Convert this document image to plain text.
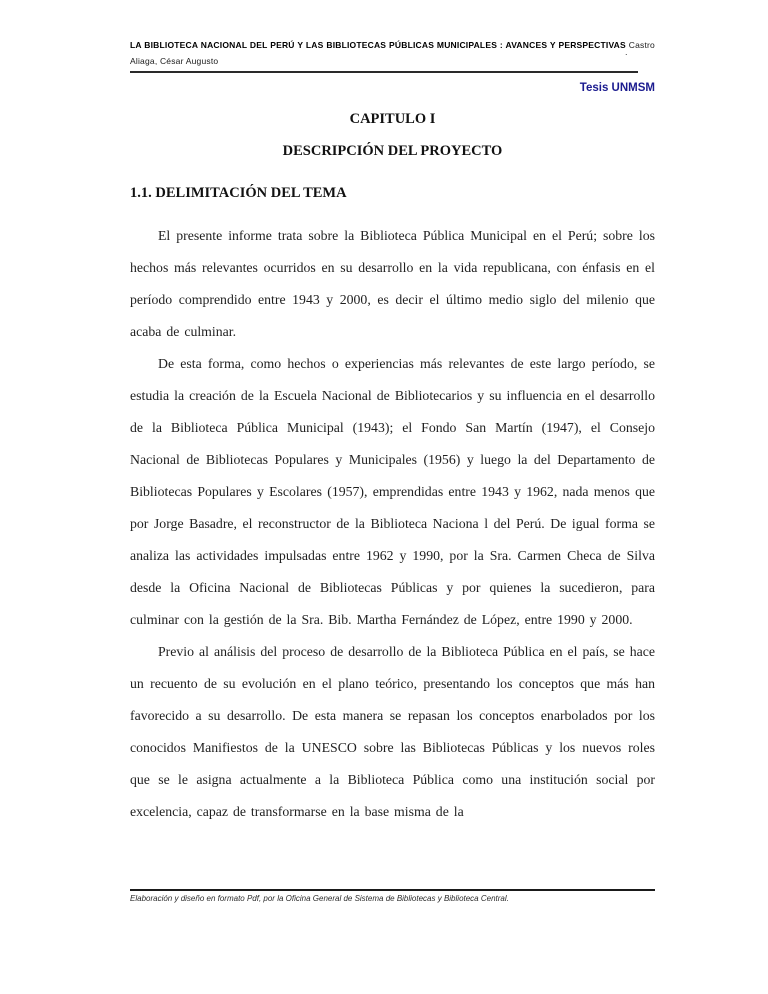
LA BIBLIOTECA NACIONAL DEL PERÚ Y LAS BIBLIOTECAS PÚBLICAS MUNICIPALES : AVANCES Y PERSPECTIVAS Castro Aliaga, César Augusto

.
Tesis UNMSM
CAPITULO I
DESCRIPCIÓN DEL PROYECTO
1.1. DELIMITACIÓN DEL TEMA

El presente informe trata sobre la Biblioteca Pública Municipal en el Perú; sobre los hechos más relevantes ocurridos en su desarrollo en la vida republicana, con énfasis en el período comprendido entre 1943 y 2000, es decir el último medio siglo del milenio que acaba de culminar.

De esta forma, como hechos o experiencias más relevantes de este largo período, se estudia la creación de la Escuela Nacional de Bibliotecarios y su influencia en el desarrollo de la Biblioteca Pública Municipal (1943); el Fondo San Martín (1947), el Consejo Nacional de Bibliotecas Populares y Municipales (1956) y luego la del Departamento de Bibliotecas Populares y Escolares (1957), emprendidas entre 1943 y 1962, nada menos que por Jorge Basadre, el reconstructor de la Biblioteca Naciona l del Perú. De igual forma se analiza las actividades impulsadas entre 1962 y 1990, por la Sra. Carmen Checa de Silva desde la Oficina Nacional de Bibliotecas Públicas y por quienes la sucedieron, para culminar con la gestión de la Sra. Bib. Martha Fernández de López, entre 1990 y 2000.

Previo al análisis del proceso de desarrollo de la Biblioteca Pública en el país, se hace un recuento de su evolución en el plano teórico, presentando los conceptos que más han favorecido a su desarrollo. De esta manera se repasan los conceptos enarbolados por los conocidos Manifiestos de la UNESCO sobre las Bibliotecas Públicas y los nuevos roles que se le asigna actualmente a la Biblioteca Pública como una institución social por excelencia, capaz de transformarse en la base misma de la

Elaboración y diseño en formato Pdf, por la Oficina General de Sistema de Bibliotecas y Biblioteca Central.
